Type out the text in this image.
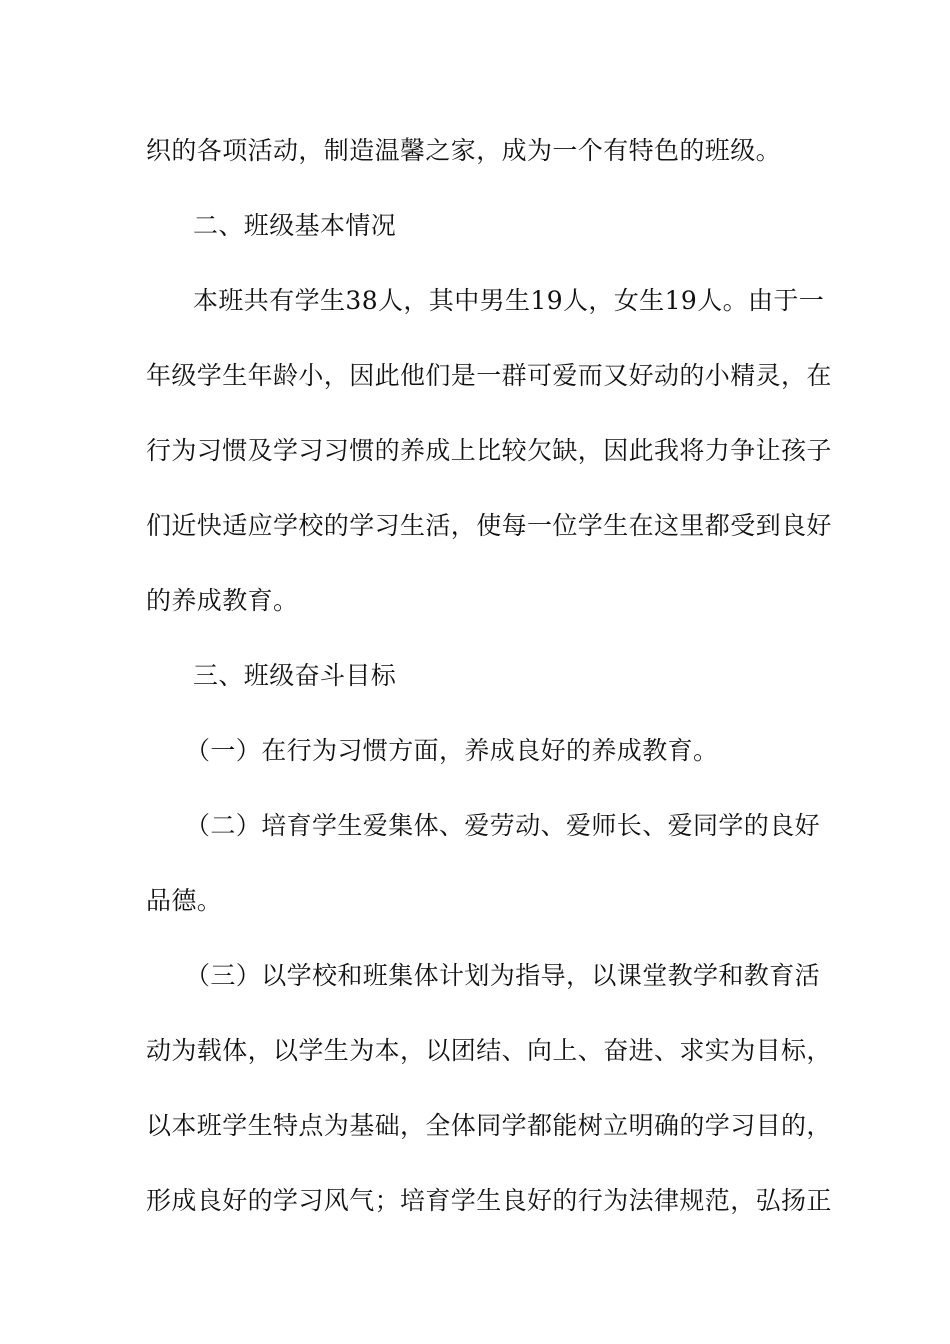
织的各项活动，制造温馨之家，成为一个有特色的班级。
二、班级基本情况
本班共有学生38人，其中男生19人，女生19人。由于一
年级学生年龄小，因此他们是一群可爱而又好动的小精灵，在
行为习惯及学习习惯的养成上比较欠缺，因此我将力争让孩子
们近快适应学校的学习生活，使每一位学生在这里都受到良好
的养成教育。
三、班级奋斗目标
（一）在行为习惯方面，养成良好的养成教育。
（二）培育学生爱集体、爱劳动、爱师长、爱同学的良好
品德。
（三）以学校和班集体计划为指导，以课堂教学和教育活
动为载体，以学生为本，以团结、向上、奋进、求实为目标，
以本班学生特点为基础，全体同学都能树立明确的学习目的，
形成良好的学习风气；培育学生良好的行为法律规范，弘扬正
